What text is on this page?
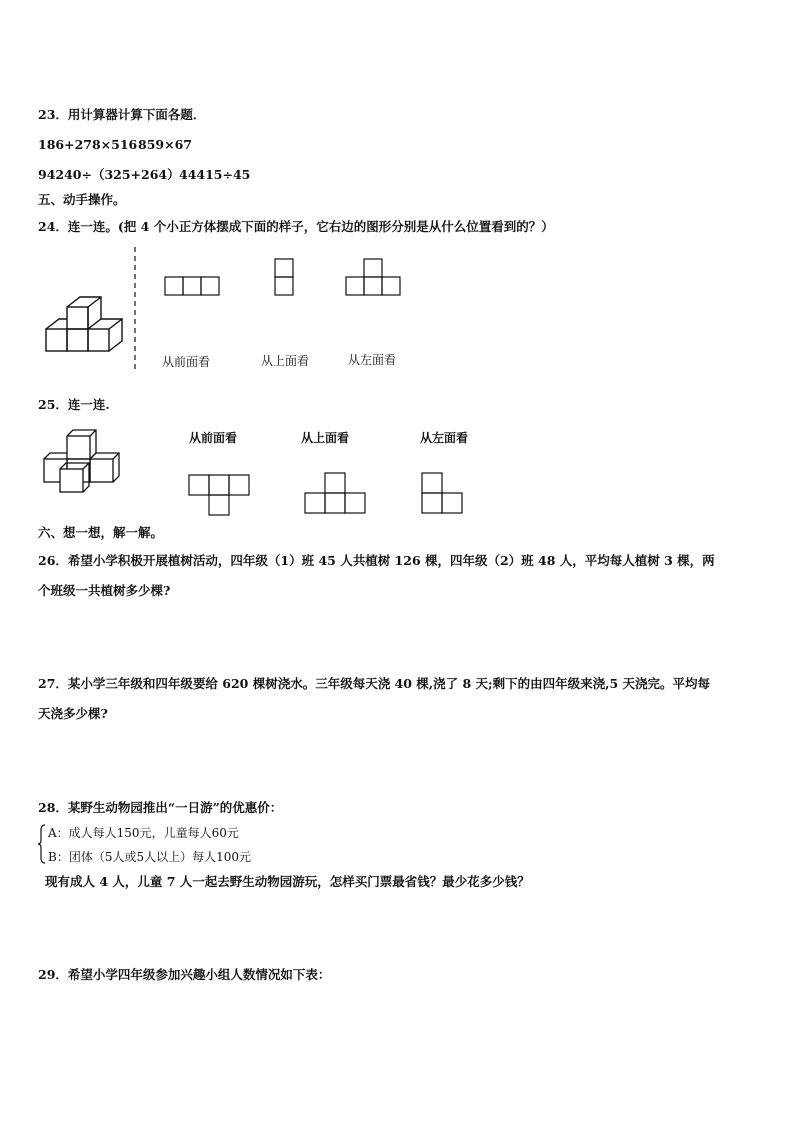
23．用计算器计算下面各题．
186+278×516 859×67
94240÷（325+264） 44415÷45
五、动手操作。
24．连一连。(把 4 个小正方体摆成下面的样子，它右边的图形分别是从什么位置看到的？）
从前面看	从上面看	从左面看
25．连一连.
从前面看	从上面看	从左面看
六、想一想，解一解。
26．希望小学积极开展植树活动，四年级（1）班 45 人共植树 126 棵，四年级（2）班 48 人，平均每人植树 3 棵，两
个班级一共植树多少棵?
27．某小学三年级和四年级要给 620 棵树浇水。三年级每天浇 40 棵,浇了 8 天;剩下的由四年级来浇,5 天浇完。平均每
天浇多少棵?
28．某野生动物园推出“一日游”的优惠价：
A：成人每人150元，儿童每人60元
B：团体（5人或5人以上）每人100元
现有成人 4 人，儿童 7 人一起去野生动物园游玩，怎样买门票最省钱？最少花多少钱？
29．希望小学四年级参加兴趣小组人数情况如下表：
